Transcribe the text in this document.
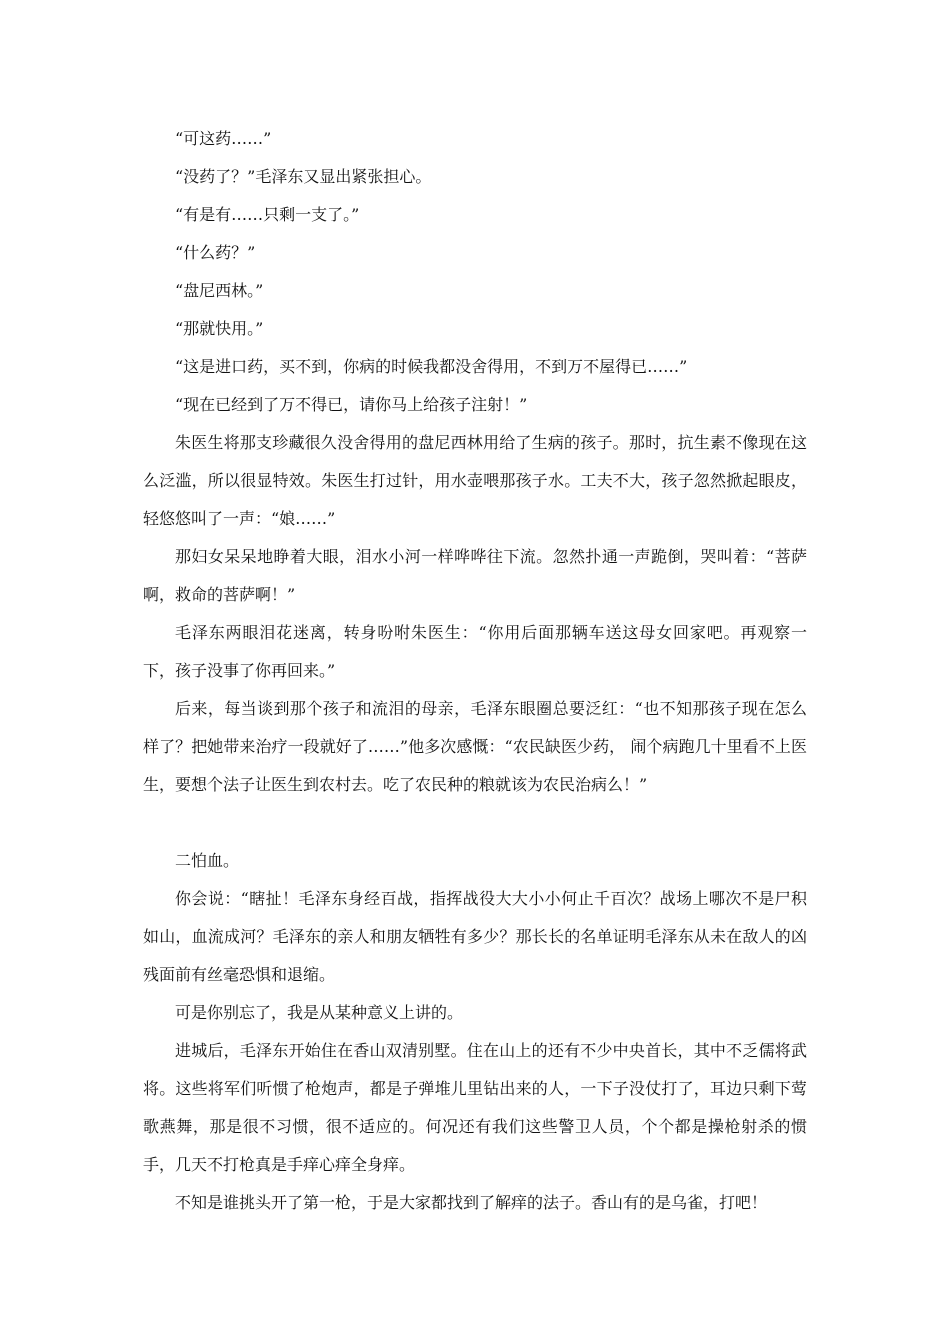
“可这药……”

“没药了？”毛泽东又显出紧张担心。

“有是有……只剩一支了。”

“什么药？”

“盘尼西林。”

“那就快用。”

“这是进口药，买不到，你病的时候我都没舍得用，不到万不屋得已……”

“现在已经到了万不得已，请你马上给孩子注射！”

朱医生将那支珍藏很久没舍得用的盘尼西林用给了生病的孩子。那时，抗生素不像现在这么泛滥，所以很显特效。朱医生打过针，用水壶喂那孩子水。工夫不大，孩子忽然掀起眼皮，轻悠悠叫了一声：“娘……”

那妇女呆呆地睁着大眼，泪水小河一样哗哗往下流。忽然扑通一声跪倒，哭叫着：“菩萨啊，救命的菩萨啊！”

毛泽东两眼泪花迷离，转身吩咐朱医生：“你用后面那辆车送这母女回家吧。再观察一下，孩子没事了你再回来。”

后来，每当谈到那个孩子和流泪的母亲，毛泽东眼圈总要泛红：“也不知那孩子现在怎么样了？把她带来治疗一段就好了……”他多次感慨：“农民缺医少药， 闹个病跑几十里看不上医生，要想个法子让医生到农村去。吃了农民种的粮就该为农民治病么！”

二怕血。

你会说：“瞎扯！毛泽东身经百战，指挥战役大大小小何止千百次？战场上哪次不是尸积如山，血流成河？毛泽东的亲人和朋友牺牲有多少？那长长的名单证明毛泽东从未在敌人的凶残面前有丝毫恐惧和退缩。

可是你别忘了，我是从某种意义上讲的。

进城后，毛泽东开始住在香山双清别墅。住在山上的还有不少中央首长，其中不乏儒将武将。这些将军们听惯了枪炮声，都是子弹堆儿里钻出来的人，一下子没仗打了，耳边只剩下莺歌燕舞，那是很不习惯，很不适应的。何况还有我们这些警卫人员，个个都是操枪射杀的惯手，几天不打枪真是手痒心痒全身痒。

不知是谁挑头开了第一枪，于是大家都找到了解痒的法子。香山有的是乌雀，打吧！
